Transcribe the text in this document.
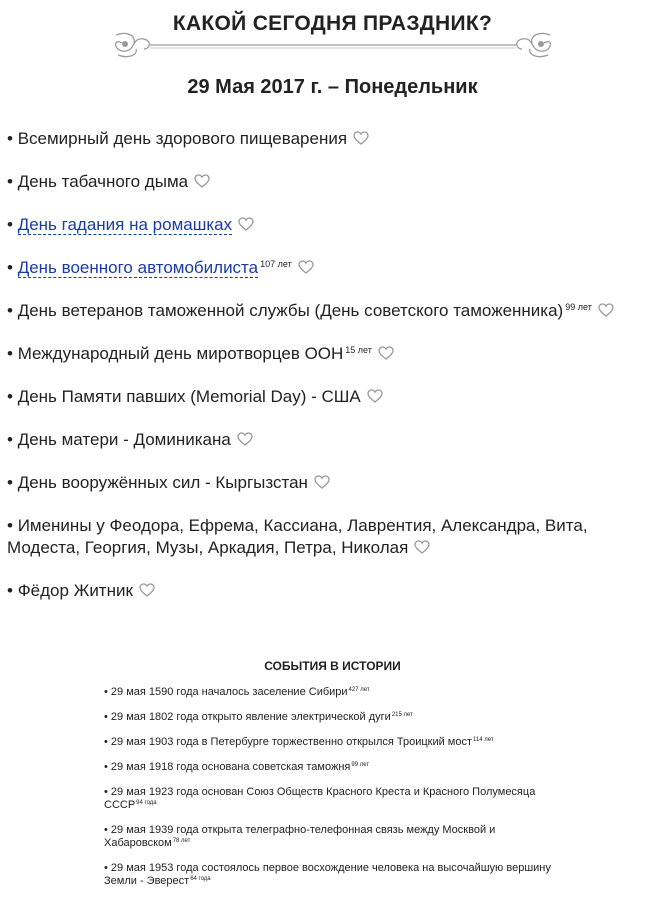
КАКОЙ СЕГОДНЯ ПРАЗДНИК?
29 Мая 2017 г. – Понедельник
• Всемирный день здорового пищеварения
• День табачного дыма
• День гадания на ромашках
• День военного автомобилиста $^{107 лет}$
• День ветеранов таможенной службы (День советского таможенника) $^{99 лет}$
• Международный день миротворцев ООН $^{15 лет}$
• День Памяти павших (Memorial Day) - США
• День матери - Доминикана
• День вооружённых сил - Кыргызстан
• Именины у Феодора, Ефрема, Кассиана, Лаврентия, Александра, Вита, Модеста, Георгия, Музы, Аркадия, Петра, Николая
• Фёдор Житник
СОБЫТИЯ В ИСТОРИИ
• 29 мая 1590 года началось заселение Сибири$^{427 лет}$
• 29 мая 1802 года открыто явление электрической дуги$^{215 лет}$
• 29 мая 1903 года в Петербурге торжественно открылся Троицкий мост$^{114 лет}$
• 29 мая 1918 года основана советская таможня$^{99 лет}$
• 29 мая 1923 года основан Союз Обществ Красного Креста и Красного Полумесяца $СССР^{94 года}$
• 29 мая 1939 года открыта телеграфно-телефонная связь между Москвой и Хабаровском$^{78 лет}$
• 29 мая 1953 года состоялось первое восхождение человека на высочайшую вершину Земли - Эверест$^{64 года}$
